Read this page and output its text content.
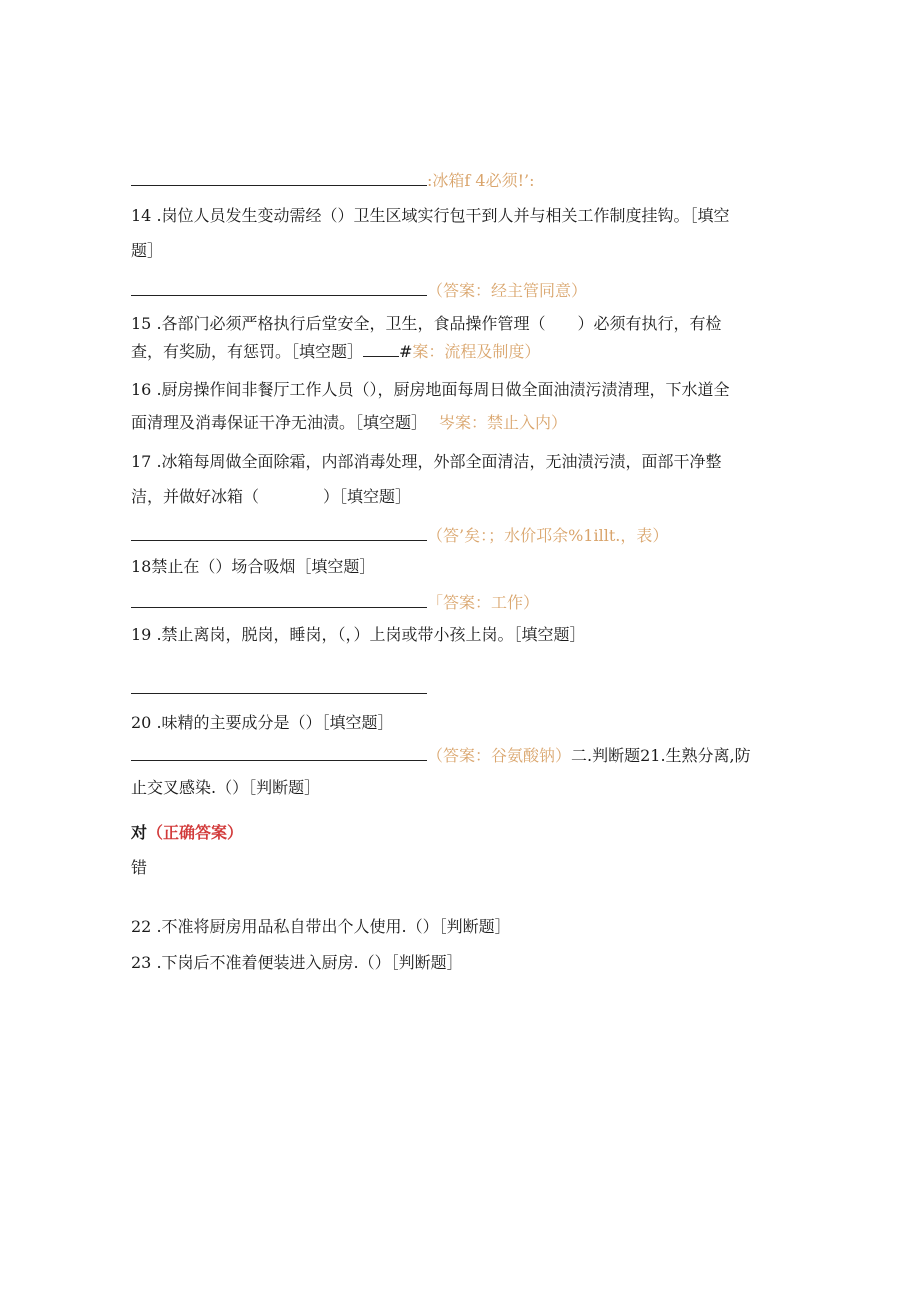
:冰箱f 4必须!’:
14 .岗位人员发生变动需经（）卫生区域实行包干到人并与相关工作制度挂钩。［填空
题］
（答案：经主管同意）
15 .各部门必须严格执行后堂安全，卫生，食品操作管理（　　）必须有执行，有检
查，有奖励，有惩罚。［填空题］ #案：流程及制度）
16 .厨房操作间非餐厅工作人员（），厨房地面每周日做全面油渍污渍清理，下水道全
面清理及消毒保证干净无油渍。［填空题］ 岑案：禁止入内）
17 .冰箱每周做全面除霜，内部消毒处理，外部全面清洁，无油渍污渍，面部干净整
洁，并做好冰箱（　　　　）［填空题］
（答’矣：；水价邛余%1illt.，表）
18禁止在（）场合吸烟［填空题］
「答案：工作）
19 .禁止离岗，脱岗，睡岗，（，）上岗或带小孩上岗。［填空题］
20 .味精的主要成分是（）［填空题］
（答案：谷氨酸钠）二.判断题21.生熟分离,防
止交叉感染.（）［判断题］
对（正确答案）
错
22 .不准将厨房用品私自带出个人使用.（）［判断题］
23 .下岗后不准着便装进入厨房.（）［判断题］
